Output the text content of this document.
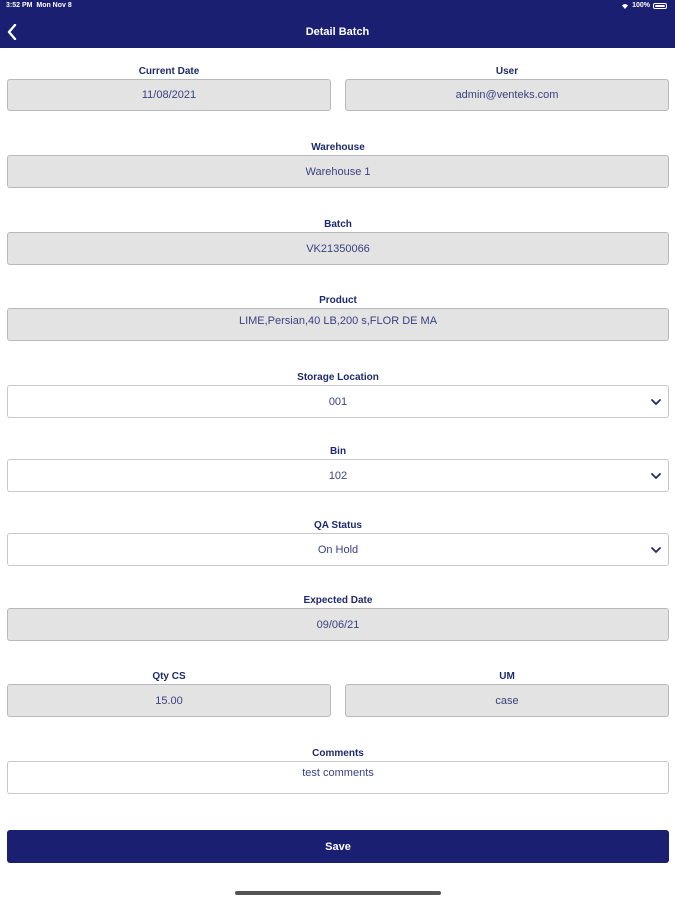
3:52 PM Mon Nov 8	100%
Detail Batch
Current Date
11/08/2021
User
admin@venteks.com
Warehouse
Warehouse 1
Batch
VK21350066
Product
LIME,Persian,40 LB,200 s,FLOR DE MA
Storage Location
001
Bin
102
QA Status
On Hold
Expected Date
09/06/21
Qty CS
15.00
UM
case
Comments
test comments
Save
